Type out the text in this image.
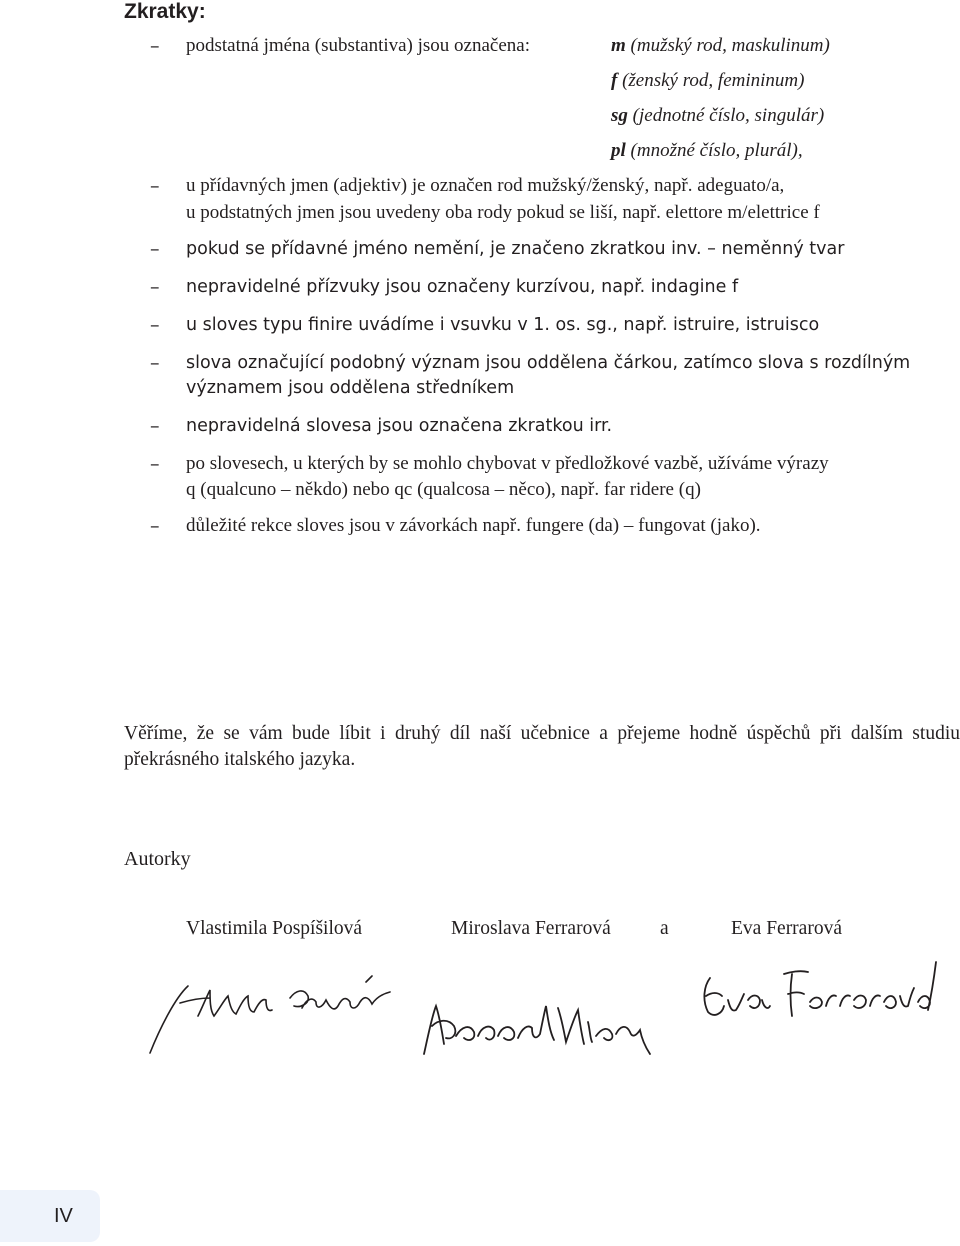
Zkratky:
– podstatná jména (substantiva) jsou označena:	m (mužský rod, maskulinum)
f (ženský rod, femininum)
sg (jednotné číslo, singulár)
pl (množné číslo, plurál),
– u přídavných jmen (adjektiv) je označen rod mužský/ženský, např. adeguato/a,
u podstatných jmen jsou uvedeny oba rody pokud se liší, např. elettore m/elettrice f
– pokud se přídavné jméno nemění, je značeno zkratkou inv. – neměnný tvar
– nepravidelné přízvuky jsou označeny kurzívou, např. indagine f
– u sloves typu finire uvádíme i vsuvku v 1. os. sg., např. istruire, istruisco
– slova označující podobný význam jsou oddělena čárkou, zatímco slova s rozdílným
významem jsou oddělena středníkem
– nepravidelná slovesa jsou označena zkratkou irr.
– po slovesech, u kterých by se mohlo chybovat v předložkové vazbě, užíváme výrazy
q (qualcuno – někdo) nebo qc (qualcosa – něco), např. far ridere (q)
– důležité rekce sloves jsou v závorkách např. fungere (da) – fungovat (jako).
Věříme, že se vám bude líbit i druhý díl naší učebnice a přejeme hodně úspěchů při dalším studiu překrásného italského jazyka.
Autorky
Vlastimila Pospíšilová	Miroslava Ferrarová	a	Eva Ferrarová
IV
